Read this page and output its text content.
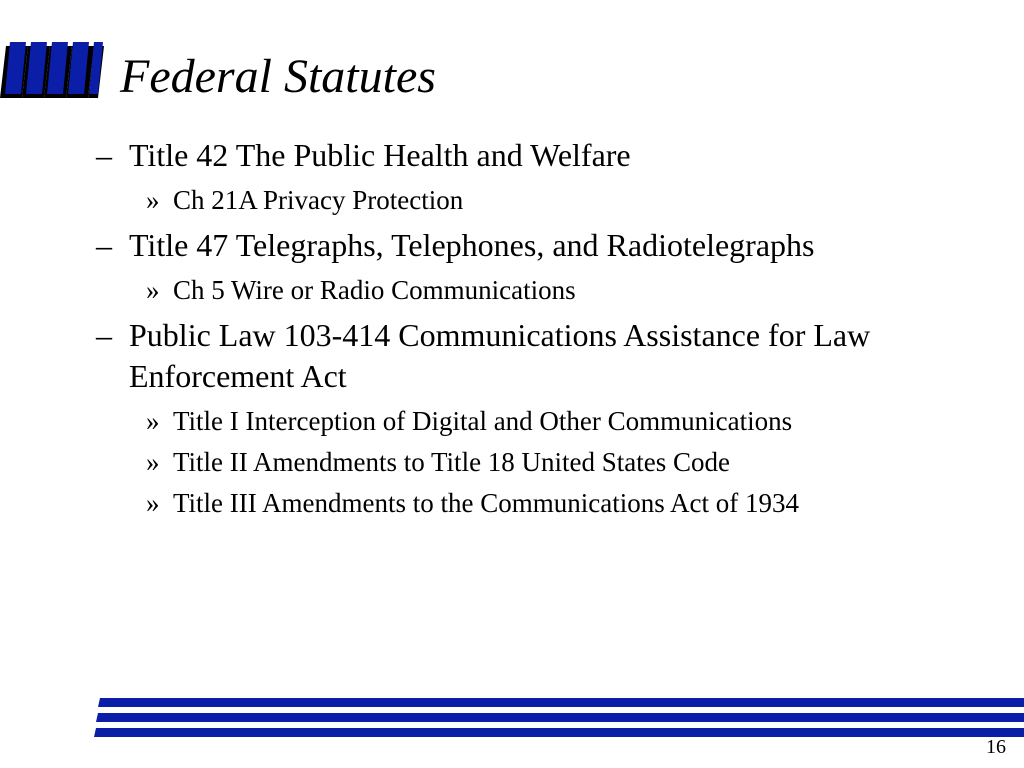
Federal Statutes
– Title 42 The Public Health and Welfare
» Ch 21A Privacy Protection
– Title 47 Telegraphs, Telephones, and Radiotelegraphs
» Ch 5 Wire or Radio Communications
– Public Law 103-414 Communications Assistance for Law Enforcement Act
» Title I Interception of Digital and Other Communications
» Title II Amendments to Title 18 United States Code
» Title III Amendments to the Communications Act of 1934
16
